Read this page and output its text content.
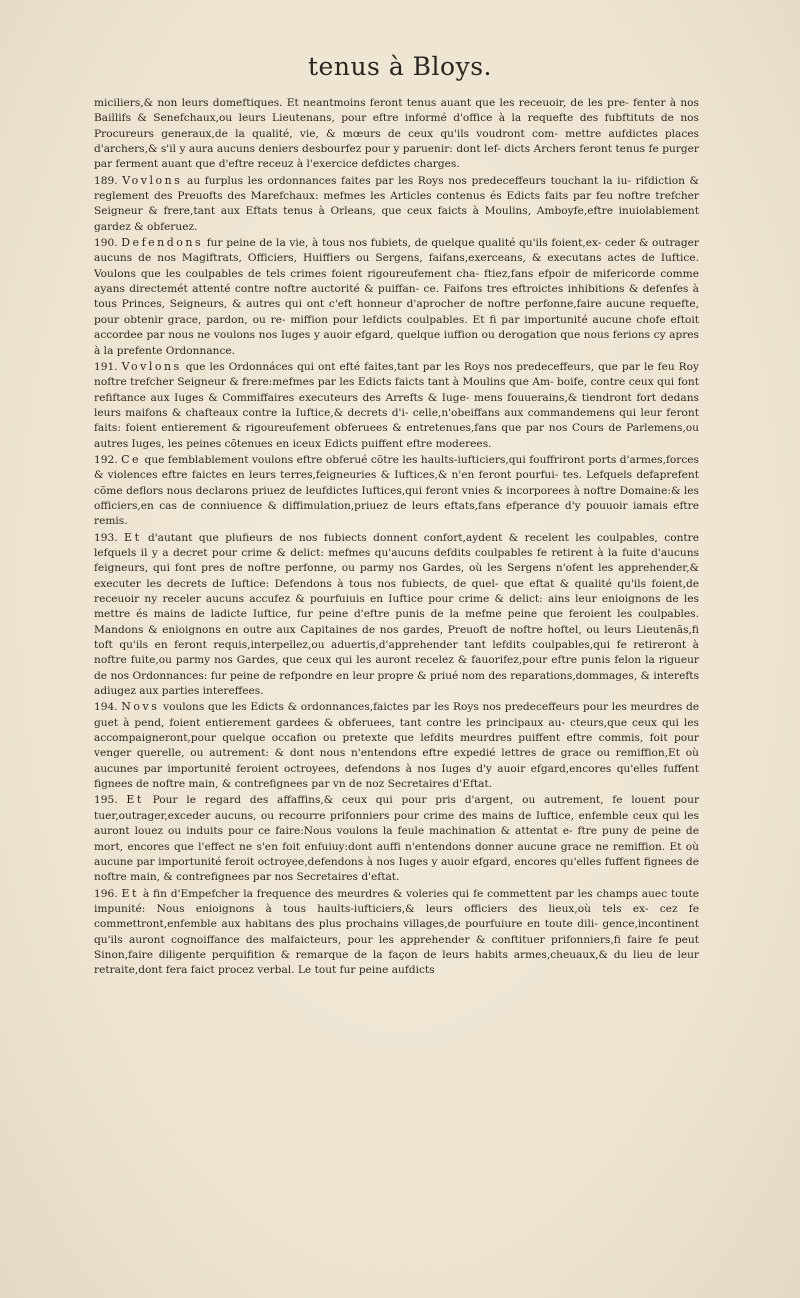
tenus à Bloys.

miciliers,& non leurs domeftiques. Et neantmoins feront tenus auant que les receuoir, de les pre- fenter à nos Baillifs & Senefchaux,ou leurs Lieutenans, pour eftre informé d'office à la requefte des fubftituts de nos Procureurs generaux,de la qualité, vie, & mœurs de ceux qu'ils voudront com- mettre aufdictes places d'archers,& s'il y aura aucuns deniers desbourfez pour y paruenir: dont lef- dicts Archers feront tenus fe purger par ferment auant que d'eftre receuz à l'exercice defdictes charges.

189. Vovlons au furplus les ordonnances faites par les Roys nos predeceffeurs touchant la iu- rifdiction & reglement des Preuofts des Marefchaux: mefmes les Articles contenus és Edicts faits par feu noftre trefcher Seigneur & frere,tant aux Eftats tenus à Orleans, que ceux faicts à Moulins, Amboyfe,eftre inuiolablement gardez & obferuez.

190. Defendons fur peine de la vie, à tous nos fubiets, de quelque qualité qu'ils foient,ex- ceder & outrager aucuns de nos Magiftrats, Officiers, Huiffiers ou Sergens, faifans,exerceans, & executans actes de Iuftice. Voulons que les coulpables de tels crimes foient rigoureufement cha- ftiez,fans efpoir de mifericorde comme ayans directemét attenté contre noftre auctorité & puiffan- ce. Faifons tres eftroictes inhibitions & defenfes à tous Princes, Seigneurs, & autres qui ont c'eft honneur d'aprocher de noftre perfonne,faire aucune requefte, pour obtenir grace, pardon, ou re- miffion pour lefdicts coulpables. Et fi par importunité aucune chofe eftoit accordee par nous ne voulons nos Iuges y auoir efgard, quelque iuffion ou derogation que nous ferions cy apres à la prefente Ordonnance.

191. Vovlons que les Ordonnáces qui ont efté faites,tant par les Roys nos predeceffeurs, que par le feu Roy noftre trefcher Seigneur & frere:mefmes par les Edicts faicts tant à Moulins que Am- boife, contre ceux qui font refiftance aux Iuges & Commiffaires executeurs des Arrefts & Iuge- mens fouuerains,& tiendront fort dedans leurs maifons & chafteaux contre la Iuftice,& decrets d'i- celle,n'obeiffans aux commandemens qui leur feront faits: foient entierement & rigoureufement obferuees & entretenues,fans que par nos Cours de Parlemens,ou autres Iuges, les peines cõtenues en iceux Edicts puiffent eftre moderees.

192. Ce que femblablement voulons eftre obferué cõtre les haults-iufticiers,qui fouffriront ports d'armes,forces & violences eftre faictes en leurs terres,feigneuries & Iuftices,& n'en feront pourfui- tes. Lefquels defaprefent cõme deflors nous declarons priuez de leufdictes Iuftices,qui feront vnies & incorporees à noftre Domaine:& les officiers,en cas de conniuence & diffimulation,priuez de leurs eftats,fans efperance d'y pouuoir iamais eftre remis.

193. Et d'autant que plufieurs de nos fubiects donnent confort,aydent & recelent les coulpables, contre lefquels il y a decret pour crime & delict: mefmes qu'aucuns defdits coulpables fe retirent à la fuite d'aucuns feigneurs, qui font pres de noftre perfonne, ou parmy nos Gardes, où les Sergens n'ofent les apprehender,& executer les decrets de Iuftice: Defendons à tous nos fubiects, de quel- que eftat & qualité qu'ils foient,de receuoir ny receler aucuns accufez & pourfuiuis en Iuftice pour crime & delict: ains leur enioignons de les mettre és mains de ladicte Iuftice, fur peine d'eftre punis de la mefme peine que feroient les coulpables. Mandons & enioignons en outre aux Capitaines de nos gardes, Preuoft de noftre hoftel, ou leurs Lieutenãs,fi toft qu'ils en feront requis,interpellez,ou aduertis,d'apprehender tant lefdits coulpables,qui fe retireront à noftre fuite,ou parmy nos Gardes, que ceux qui les auront recelez & fauorifez,pour eftre punis felon la rigueur de nos Ordonnances: fur peine de refpondre en leur propre & priué nom des reparations,dommages, & interefts adiugez aux parties intereffees.

194. Novs voulons que les Edicts & ordonnances,faictes par les Roys nos predeceffeurs pour les meurdres de guet à pend, foient entierement gardees & obferuees, tant contre les principaux au- cteurs,que ceux qui les accompaigneront,pour quelque occafion ou pretexte que lefdits meurdres puiffent eftre commis, foit pour venger querelle, ou autrement: & dont nous n'entendons eftre expedié lettres de grace ou remiffion,Et où aucunes par importunité feroient octroyees, defendons à nos Iuges d'y auoir efgard,encores qu'elles fuffent fignees de noftre main, & contrefignees par vn de noz Secretaires d'Eftat.

195. Et Pour le regard des affaffins,& ceux qui pour pris d'argent, ou autrement, fe louent pour tuer,outrager,exceder aucuns, ou recourre prifonniers pour crime des mains de Iuftice, enfemble ceux qui les auront louez ou induits pour ce faire:Nous voulons la feule machination & attentat e- ftre puny de peine de mort, encores que l'effect ne s'en foit enfuiuy:dont auffi n'entendons donner aucune grace ne remiffion. Et où aucune par importunité feroit octroyee,defendons à nos Iuges y auoir efgard, encores qu'elles fuffent fignees de noftre main, & contrefignees par nos Secretaires d'eftat.

196. Et à fin d'Empefcher la frequence des meurdres & voleries qui fe commettent par les champs auec toute impunité: Nous enioignons à tous haults-iufticiers,& leurs officiers des lieux,où tels ex- cez fe commettront,enfemble aux habitans des plus prochains villages,de pourfuiure en toute dili- gence,incontinent qu'ils auront cognoiffance des malfaicteurs, pour les apprehender & conftituer prifonniers,fi faire fe peut Sinon,faire diligente perquifition & remarque de la façon de leurs habits armes,cheuaux,& du lieu de leur retraite,dont fera faict procez verbal. Le tout fur peine aufdicts
